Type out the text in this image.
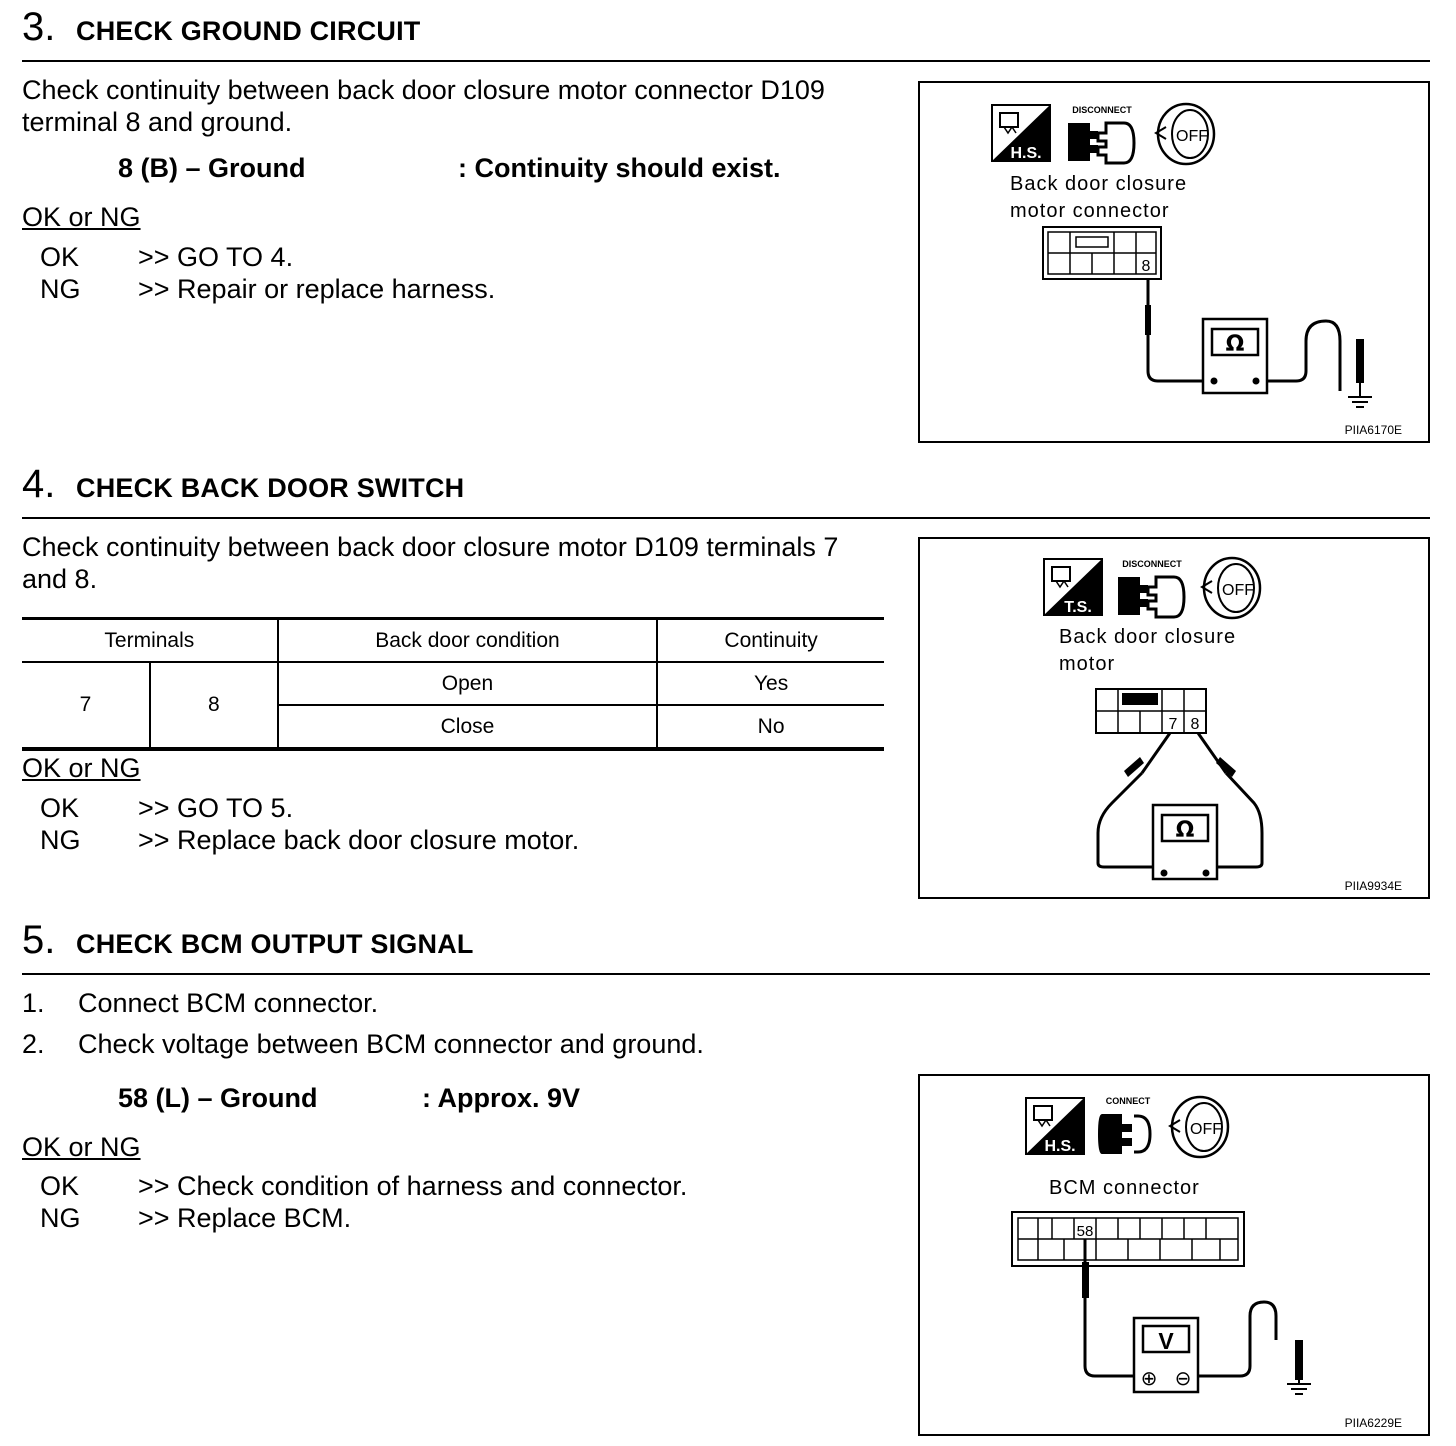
3. CHECK GROUND CIRCUIT
Check continuity between back door closure motor connector D109
terminal 8 and ground.
8 (B) – Ground	: Continuity should exist.
OK or NG
OK >> GO TO 4.
NG >> Repair or replace harness.
H.S.
DISCONNECT
OFF
8
Ω
Back door closure
motor connector
PIIA6170E
4. CHECK BACK DOOR SWITCH
Check continuity between back door closure motor D109 terminals 7
and 8.
Terminals		Back door condition	Continuity
7	8	Open	Yes
		Close	No
OK or NG
OK >> GO TO 5.
NG >> Replace back door closure motor.
T.S.
DISCONNECT
OFF
7 8
Ω
Back door closure
motor
PIIA9934E
5. CHECK BCM OUTPUT SIGNAL
1. Connect BCM connector.
2. Check voltage between BCM connector and ground.
58 (L) – Ground	: Approx. 9V
OK or NG
OK >> Check condition of harness and connector.
NG >> Replace BCM.
H.S.
CONNECT
OFF
58
V
⊕ ⊖
BCM connector
PIIA6229E
